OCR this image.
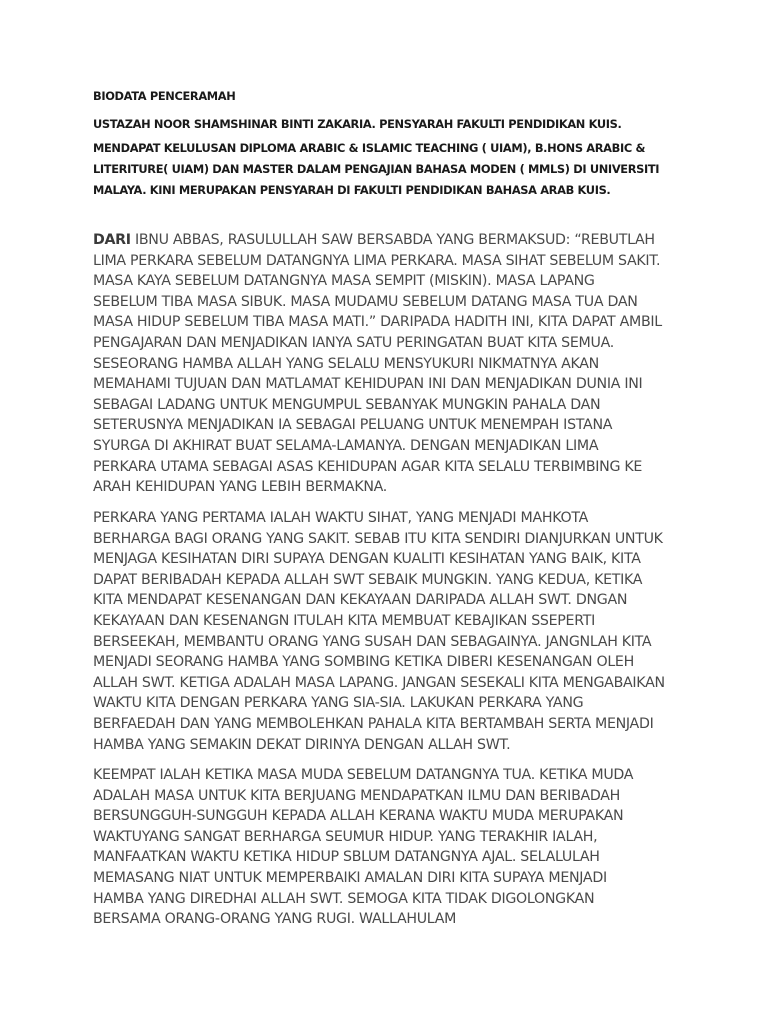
BIODATA PENCERAMAH

USTAZAH NOOR SHAMSHINAR BINTI ZAKARIA. PENSYARAH FAKULTI PENDIDIKAN KUIS.

MENDAPAT KELULUSAN DIPLOMA ARABIC & ISLAMIC TEACHING ( UIAM), B.HONS ARABIC &
LITERITURE( UIAM) DAN MASTER DALAM PENGAJIAN BAHASA MODEN ( MMLS) DI UNIVERSITI
MALAYA. KINI MERUPAKAN PENSYARAH DI FAKULTI PENDIDIKAN BAHASA ARAB KUIS.

DARI IBNU ABBAS, RASULULLAH SAW BERSABDA YANG BERMAKSUD: “REBUTLAH
LIMA PERKARA SEBELUM DATANGNYA LIMA PERKARA. MASA SIHAT SEBELUM SAKIT.
MASA KAYA SEBELUM DATANGNYA MASA SEMPIT (MISKIN). MASA LAPANG
SEBELUM TIBA MASA SIBUK. MASA MUDAMU SEBELUM DATANG MASA TUA DAN
MASA HIDUP SEBELUM TIBA MASA MATI.” DARIPADA HADITH INI, KITA DAPAT AMBIL
PENGAJARAN DAN MENJADIKAN IANYA SATU PERINGATAN BUAT KITA SEMUA.
SESEORANG HAMBA ALLAH YANG SELALU MENSYUKURI NIKMATNYA AKAN
MEMAHAMI TUJUAN DAN MATLAMAT KEHIDUPAN INI DAN MENJADIKAN DUNIA INI
SEBAGAI LADANG UNTUK MENGUMPUL SEBANYAK MUNGKIN PAHALA DAN
SETERUSNYA MENJADIKAN IA SEBAGAI PELUANG UNTUK MENEMPAH ISTANA
SYURGA DI AKHIRAT BUAT SELAMA-LAMANYA. DENGAN MENJADIKAN LIMA
PERKARA UTAMA SEBAGAI ASAS KEHIDUPAN AGAR KITA SELALU TERBIMBING KE
ARAH KEHIDUPAN YANG LEBIH BERMAKNA.

PERKARA YANG PERTAMA IALAH WAKTU SIHAT, YANG MENJADI MAHKOTA
BERHARGA BAGI ORANG YANG SAKIT. SEBAB ITU KITA SENDIRI DIANJURKAN UNTUK
MENJAGA KESIHATAN DIRI SUPAYA DENGAN KUALITI KESIHATAN YANG BAIK, KITA
DAPAT BERIBADAH KEPADA ALLAH SWT SEBAIK MUNGKIN. YANG KEDUA, KETIKA
KITA MENDAPAT KESENANGAN DAN KEKAYAAN DARIPADA ALLAH SWT. DNGAN
KEKAYAAN DAN KESENANGN ITULAH KITA MEMBUAT KEBAJIKAN SSEPERTI
BERSEEKAH, MEMBANTU ORANG YANG SUSAH DAN SEBAGAINYA. JANGNLAH KITA
MENJADI SEORANG HAMBA YANG SOMBING KETIKA DIBERI KESENANGAN OLEH
ALLAH SWT. KETIGA ADALAH MASA LAPANG. JANGAN SESEKALI KITA MENGABAIKAN
WAKTU KITA DENGAN PERKARA YANG SIA-SIA. LAKUKAN PERKARA YANG
BERFAEDAH DAN YANG MEMBOLEHKAN PAHALA KITA BERTAMBAH SERTA MENJADI
HAMBA YANG SEMAKIN DEKAT DIRINYA DENGAN ALLAH SWT.

KEEMPAT IALAH KETIKA MASA MUDA SEBELUM DATANGNYA TUA. KETIKA MUDA
ADALAH MASA UNTUK KITA BERJUANG MENDAPATKAN ILMU DAN BERIBADAH
BERSUNGGUH-SUNGGUH KEPADA ALLAH KERANA WAKTU MUDA MERUPAKAN
WAKTUYANG SANGAT BERHARGA SEUMUR HIDUP. YANG TERAKHIR IALAH,
MANFAATKAN WAKTU KETIKA HIDUP SBLUM DATANGNYA AJAL. SELALULAH
MEMASANG NIAT UNTUK MEMPERBAIKI AMALAN DIRI KITA SUPAYA MENJADI
HAMBA YANG DIREDHAI ALLAH SWT. SEMOGA KITA TIDAK DIGOLONGKAN
BERSAMA ORANG-ORANG YANG RUGI. WALLAHULAM
